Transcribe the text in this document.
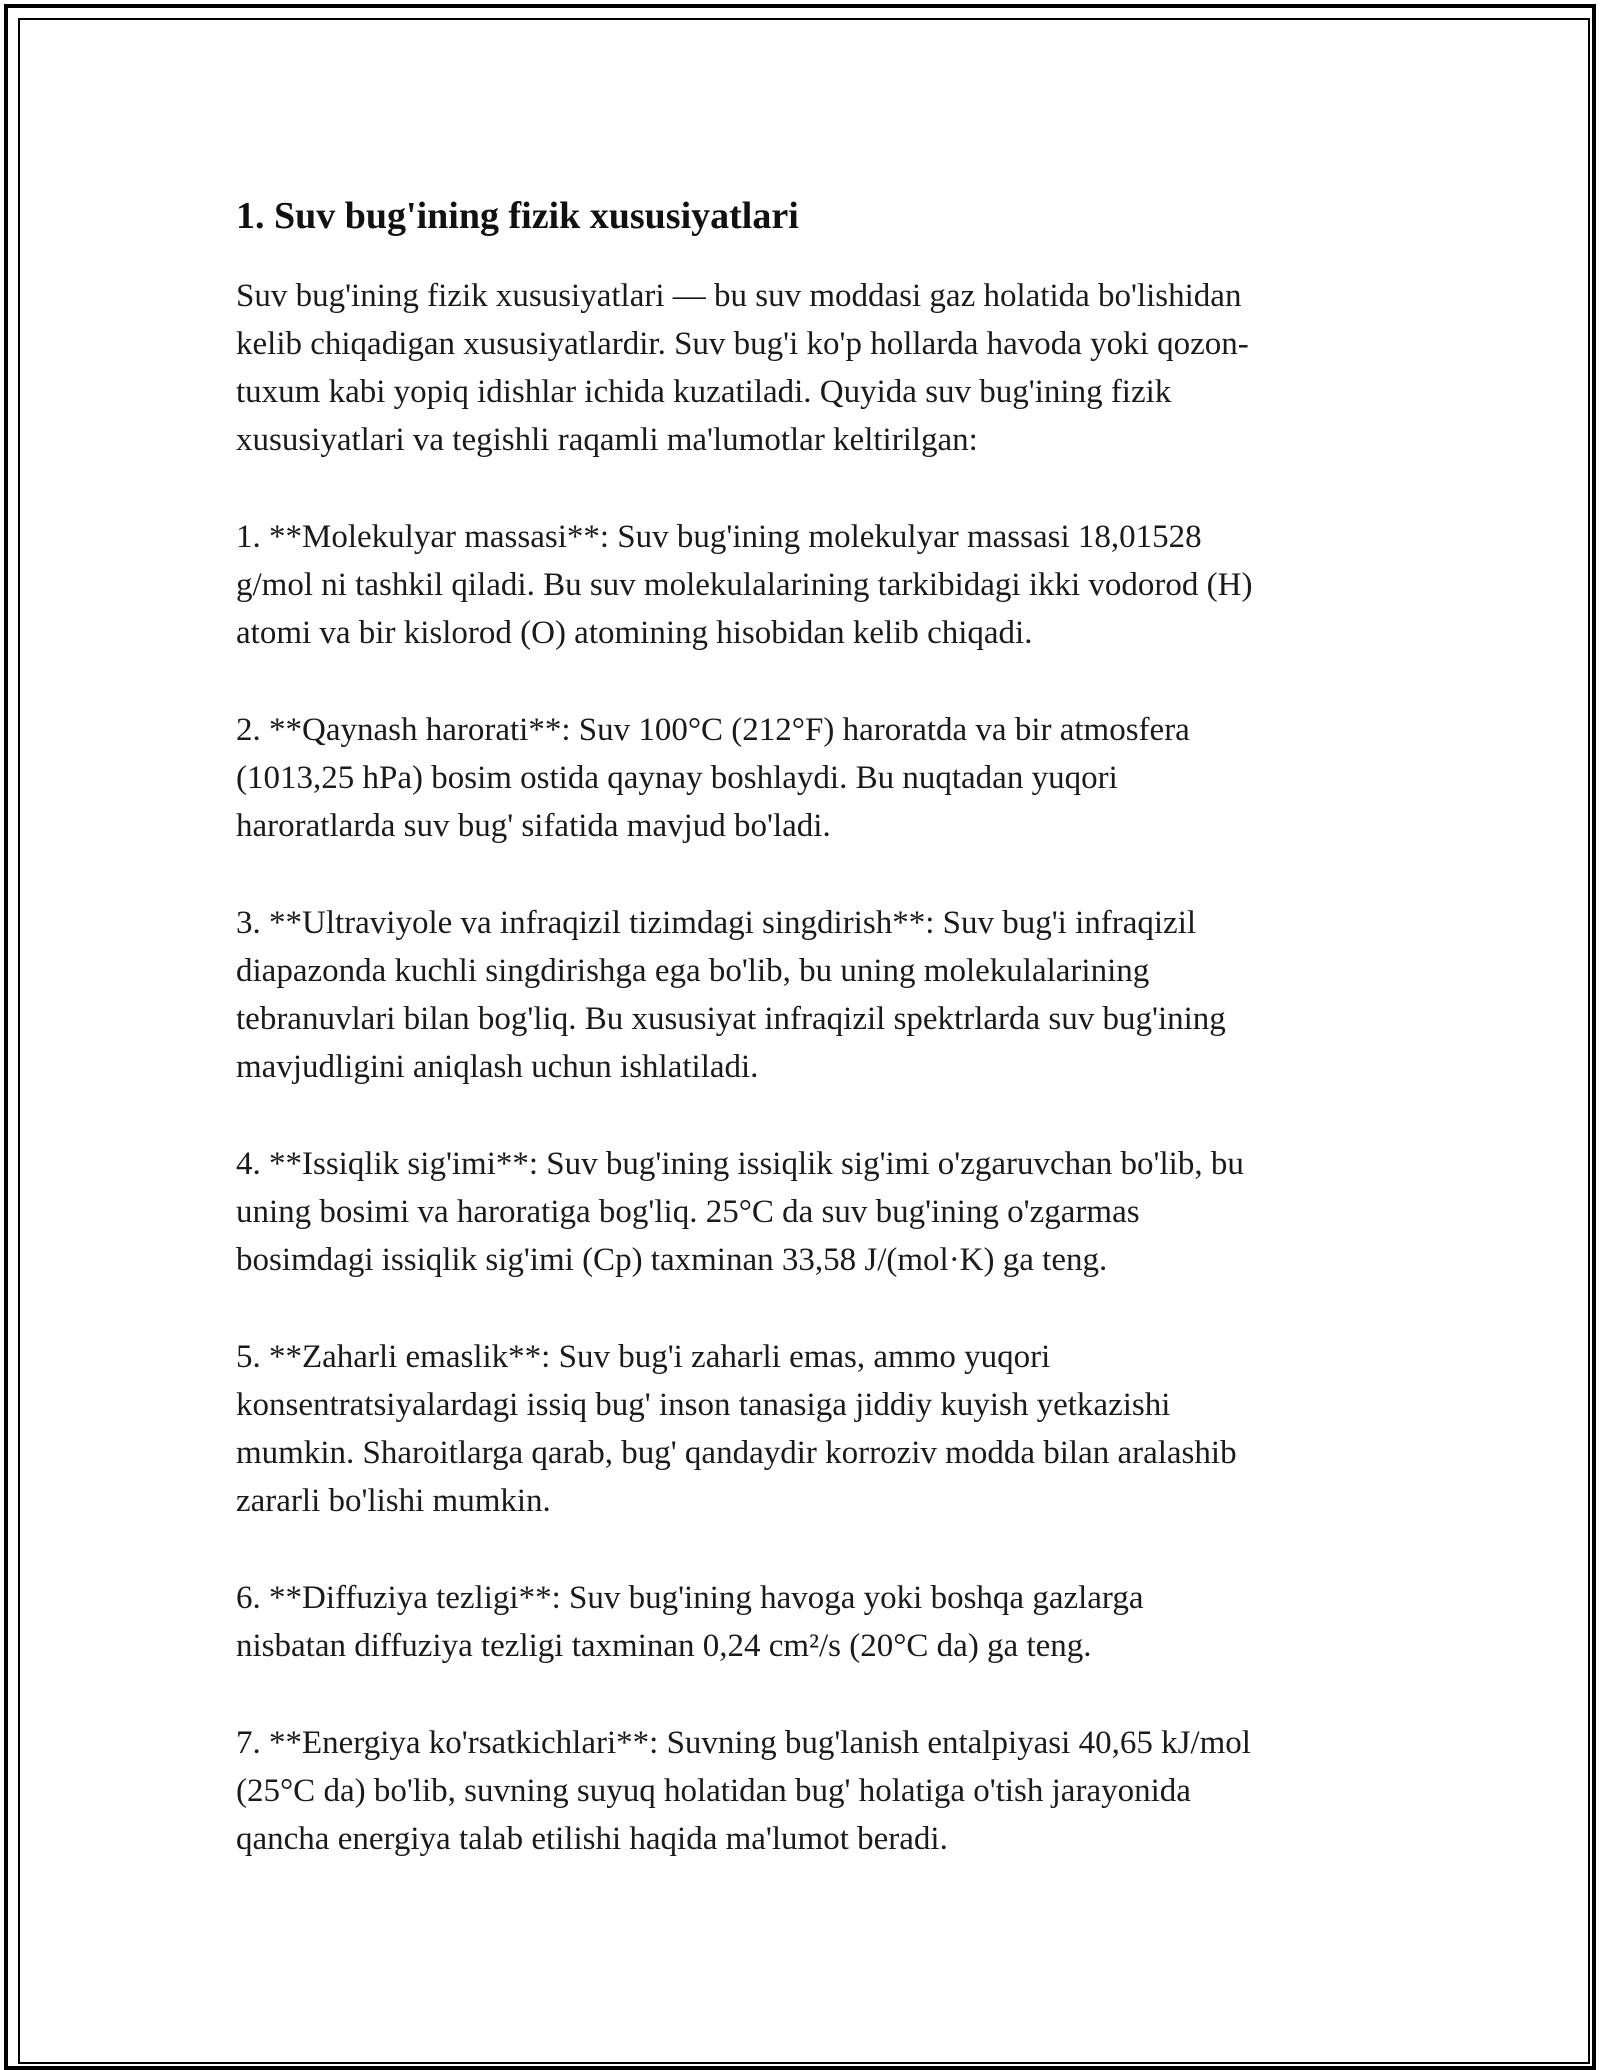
1. Suv bug'ining fizik xususiyatlari

Suv bug'ining fizik xususiyatlari — bu suv moddasi gaz holatida bo'lishidan
kelib chiqadigan xususiyatlardir. Suv bug'i ko'p hollarda havoda yoki qozon-
tuxum kabi yopiq idishlar ichida kuzatiladi. Quyida suv bug'ining fizik
xususiyatlari va tegishli raqamli ma'lumotlar keltirilgan:

1. **Molekulyar massasi**: Suv bug'ining molekulyar massasi 18,01528
g/mol ni tashkil qiladi. Bu suv molekulalarining tarkibidagi ikki vodorod (H)
atomi va bir kislorod (O) atomining hisobidan kelib chiqadi.

2. **Qaynash harorati**: Suv 100°C (212°F) haroratda va bir atmosfera
(1013,25 hPa) bosim ostida qaynay boshlaydi. Bu nuqtadan yuqori
haroratlarda suv bug' sifatida mavjud bo'ladi.

3. **Ultraviyole va infraqizil tizimdagi singdirish**: Suv bug'i infraqizil
diapazonda kuchli singdirishga ega bo'lib, bu uning molekulalarining
tebranuvlari bilan bog'liq. Bu xususiyat infraqizil spektrlarda suv bug'ining
mavjudligini aniqlash uchun ishlatiladi.

4. **Issiqlik sig'imi**: Suv bug'ining issiqlik sig'imi o'zgaruvchan bo'lib, bu
uning bosimi va haroratiga bog'liq. 25°C da suv bug'ining o'zgarmas
bosimdagi issiqlik sig'imi (Cp) taxminan 33,58 J/(mol·K) ga teng.

5. **Zaharli emaslik**: Suv bug'i zaharli emas, ammo yuqori
konsentratsiyalardagi issiq bug' inson tanasiga jiddiy kuyish yetkazishi
mumkin. Sharoitlarga qarab, bug' qandaydir korroziv modda bilan aralashib
zararli bo'lishi mumkin.

6. **Diffuziya tezligi**: Suv bug'ining havoga yoki boshqa gazlarga
nisbatan diffuziya tezligi taxminan 0,24 cm²/s (20°C da) ga teng.

7. **Energiya ko'rsatkichlari**: Suvning bug'lanish entalpiyasi 40,65 kJ/mol
(25°C da) bo'lib, suvning suyuq holatidan bug' holatiga o'tish jarayonida
qancha energiya talab etilishi haqida ma'lumot beradi.
